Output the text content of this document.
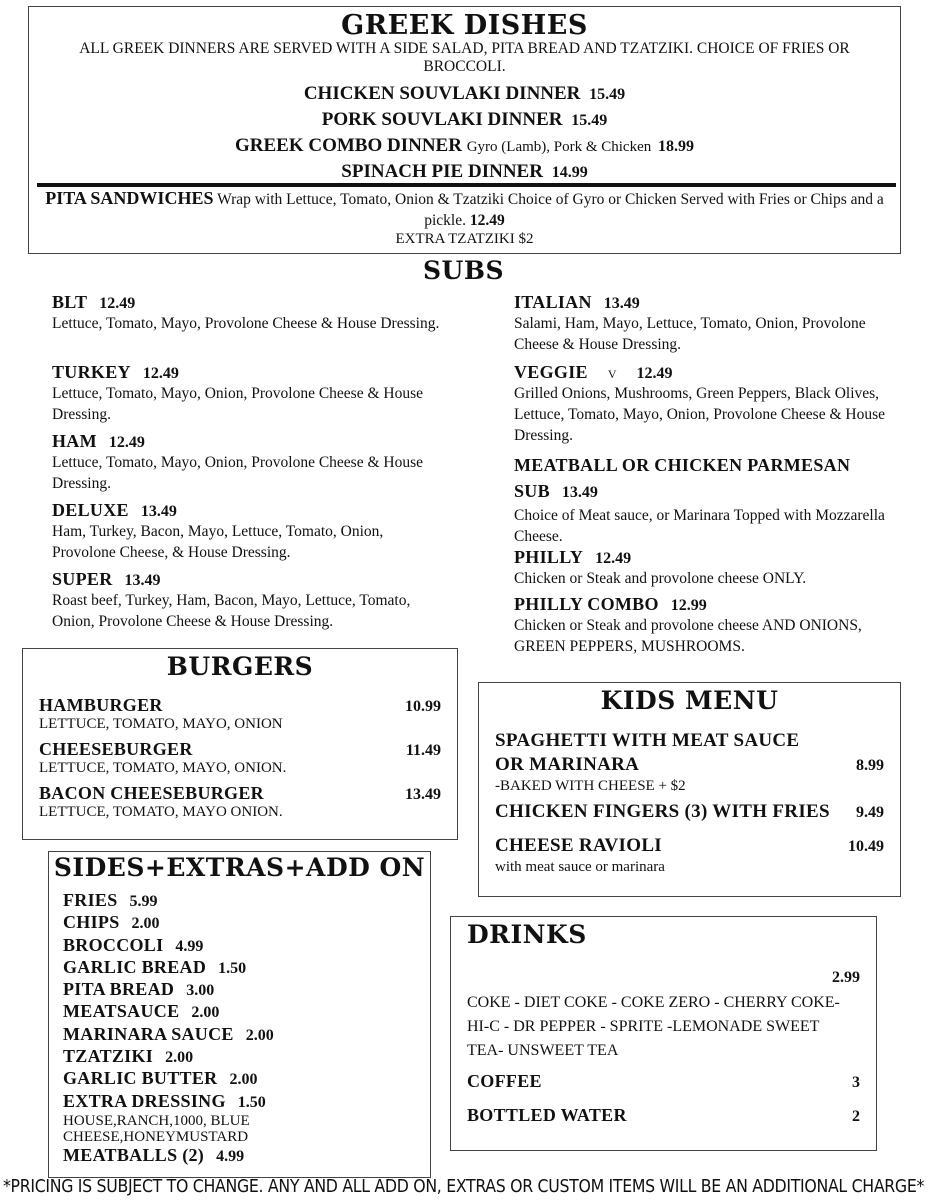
GREEK DISHES
ALL GREEK DINNERS ARE SERVED WITH A SIDE SALAD, PITA BREAD AND TZATZIKI. CHOICE OF FRIES OR BROCCOLI.
CHICKEN SOUVLAKI DINNER 15.49
PORK SOUVLAKI DINNER 15.49
GREEK COMBO DINNER Gyro (Lamb), Pork & Chicken 18.99
SPINACH PIE DINNER 14.99
PITA SANDWICHES Wrap with Lettuce, Tomato, Onion & Tzatziki Choice of Gyro or Chicken Served with Fries or Chips and a pickle. 12.49
EXTRA TZATZIKI $2
SUBS
BLT 12.49
Lettuce, Tomato, Mayo, Provolone Cheese & House Dressing.
TURKEY 12.49
Lettuce, Tomato, Mayo, Onion, Provolone Cheese & House Dressing.
HAM 12.49
Lettuce, Tomato, Mayo, Onion, Provolone Cheese & House Dressing.
DELUXE 13.49
Ham, Turkey, Bacon, Mayo, Lettuce, Tomato, Onion, Provolone Cheese, & House Dressing.
SUPER 13.49
Roast beef, Turkey, Ham, Bacon, Mayo, Lettuce, Tomato, Onion, Provolone Cheese & House Dressing.
ITALIAN 13.49
Salami, Ham, Mayo, Lettuce, Tomato, Onion, Provolone Cheese & House Dressing.
VEGGIE V 12.49
Grilled Onions, Mushrooms, Green Peppers, Black Olives, Lettuce, Tomato, Mayo, Onion, Provolone Cheese & House Dressing.
MEATBALL OR CHICKEN PARMESAN SUB 13.49
Choice of Meat sauce, or Marinara Topped with Mozzarella Cheese.
PHILLY 12.49
Chicken or Steak and provolone cheese ONLY.
PHILLY COMBO 12.99
Chicken or Steak and provolone cheese AND ONIONS, GREEN PEPPERS, MUSHROOMS.
BURGERS
HAMBURGER	10.99
LETTUCE, TOMATO, MAYO, ONION
CHEESEBURGER	11.49
LETTUCE, TOMATO, MAYO, ONION.
BACON CHEESEBURGER	13.49
LETTUCE, TOMATO, MAYO ONION.
KIDS MENU
SPAGHETTI WITH MEAT SAUCE
OR MARINARA	8.99
-BAKED WITH CHEESE + $2
CHICKEN FINGERS (3) WITH FRIES 9.49
CHEESE RAVIOLI	10.49
with meat sauce or marinara
SIDES+EXTRAS+ADD ON
FRIES 5.99
CHIPS 2.00
BROCCOLI 4.99
GARLIC BREAD 1.50
PITA BREAD 3.00
MEATSAUCE 2.00
MARINARA SAUCE 2.00
TZATZIKI 2.00
GARLIC BUTTER 2.00
EXTRA DRESSING 1.50
HOUSE,RANCH,1000, BLUE CHEESE,HONEYMUSTARD
MEATBALLS (2) 4.99
DRINKS
2.99
COKE - DIET COKE - COKE ZERO - CHERRY COKE- HI-C - DR PEPPER - SPRITE -LEMONADE SWEET TEA- UNSWEET TEA
COFFEE	3
BOTTLED WATER	2
*PRICING IS SUBJECT TO CHANGE. ANY AND ALL ADD ON, EXTRAS OR CUSTOM ITEMS WILL BE AN ADDITIONAL CHARGE*
